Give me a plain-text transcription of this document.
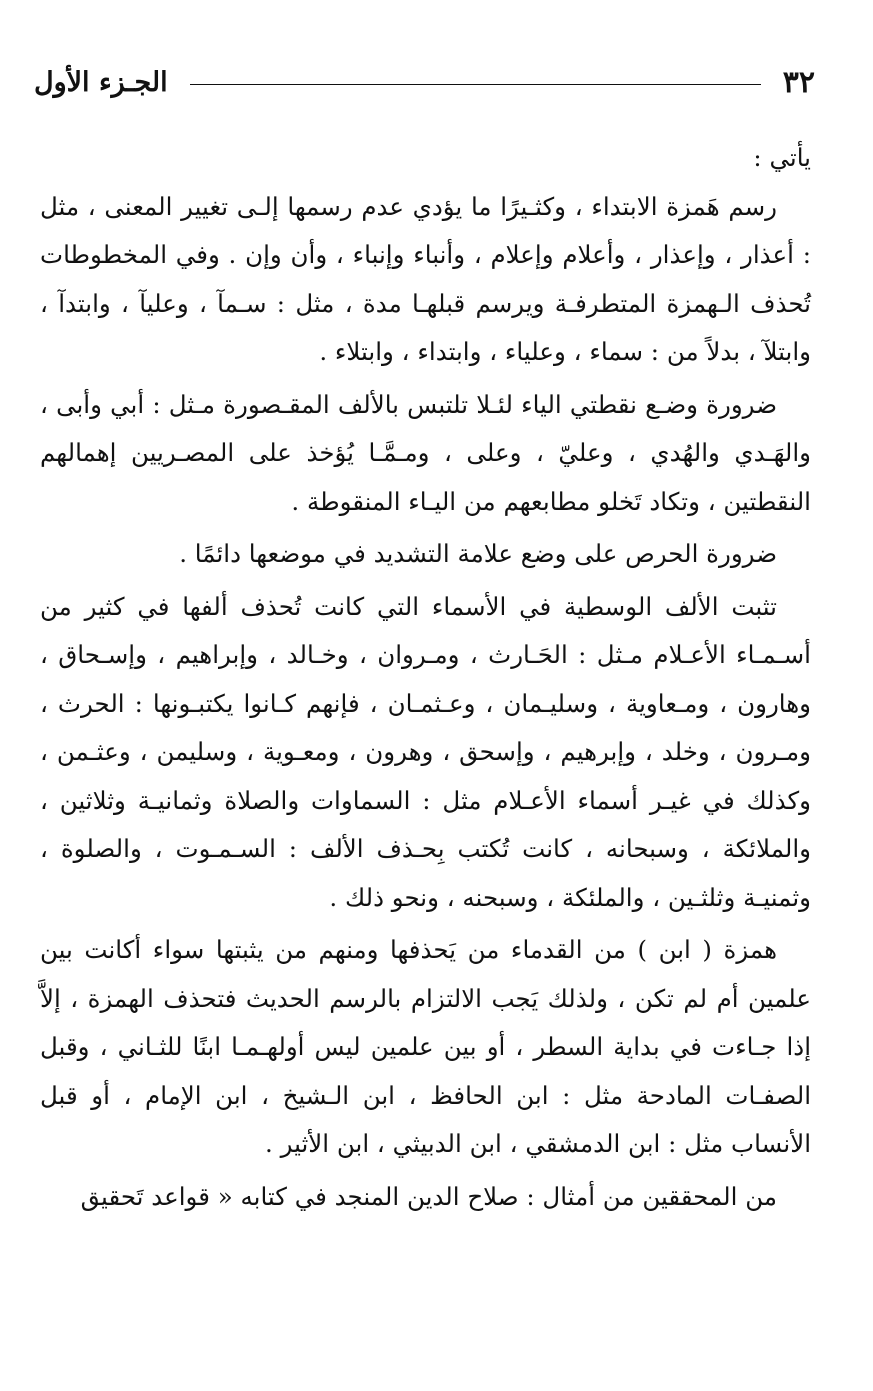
٣٢
الجـزء الأول

يأتي :

رسم هَمزة الابتداء ، وكثـيرًا ما يؤدي عدم رسمها إلـى تغيير المعنى ، مثل : أعذار ، وإعذار ، وأعلام وإعلام ، وأنباء وإنباء ، وأن وإن . وفي المخطوطات تُحذف الـهمزة المتطرفـة ويرسم قبلهـا مدة ، مثل : سـمآ ، وعليآ ، وابتدآ ، وابتلآ ، بدلاً من : سماء ، وعلياء ، وابتداء ، وابتلاء .

ضرورة وضـع نقطتي الياء لئـلا تلتبس بالألف المقـصورة مـثل : أبي وأبى ، والهَـدي والهُدي ، وعليّ ، وعلى ، ومـمَّـا يُؤخذ على المصـريين إهمالهم النقطتين ، وتكاد تَخلو مطابعهم من اليـاء المنقوطة .

ضرورة الحرص على وضع علامة التشديد في موضعها دائمًا .

تثبت الألف الوسطية في الأسماء التي كانت تُحذف ألفها في كثير من أسـمـاء الأعـلام مـثل : الحَـارث ، ومـروان ، وخـالد ، وإبراهيم ، وإسـحاق ، وهارون ، ومـعاوية ، وسليـمان ، وعـثمـان ، فإنهم كـانوا يكتبـونها : الحرث ، ومـرون ، وخلد ، وإبرهيم ، وإسحق ، وهرون ، ومعـوية ، وسليمن ، وعثـمن ، وكذلك في غيـر أسماء الأعـلام مثل : السماوات والصلاة وثمانيـة وثلاثين ، والملائكة ، وسبحانه ، كانت تُكتب بِحـذف الألف : السـمـوت ، والصلوة ، وثمنيـة وثلثـين ، والملئكة ، وسبحنه ، ونحو ذلك .

همزة ( ابن ) من القدماء من يَحذفها ومنهم من يثبتها سواء أكانت بين علمين أم لم تكن ، ولذلك يَجب الالتزام بالرسم الحديث فتحذف الهمزة ، إلاَّ إذا جـاءت في بداية السطر ، أو بين علمين ليس أولهـمـا ابنًا للثـاني ، وقبل الصفـات المادحة مثل : ابن الحافظ ، ابن الـشيخ ، ابن الإمام ، أو قبل الأنساب مثل : ابن الدمشقي ، ابن الدبيثي ، ابن الأثير .

من المحققين من أمثال : صلاح الدين المنجد في كتابه « قواعد تَحقيق
